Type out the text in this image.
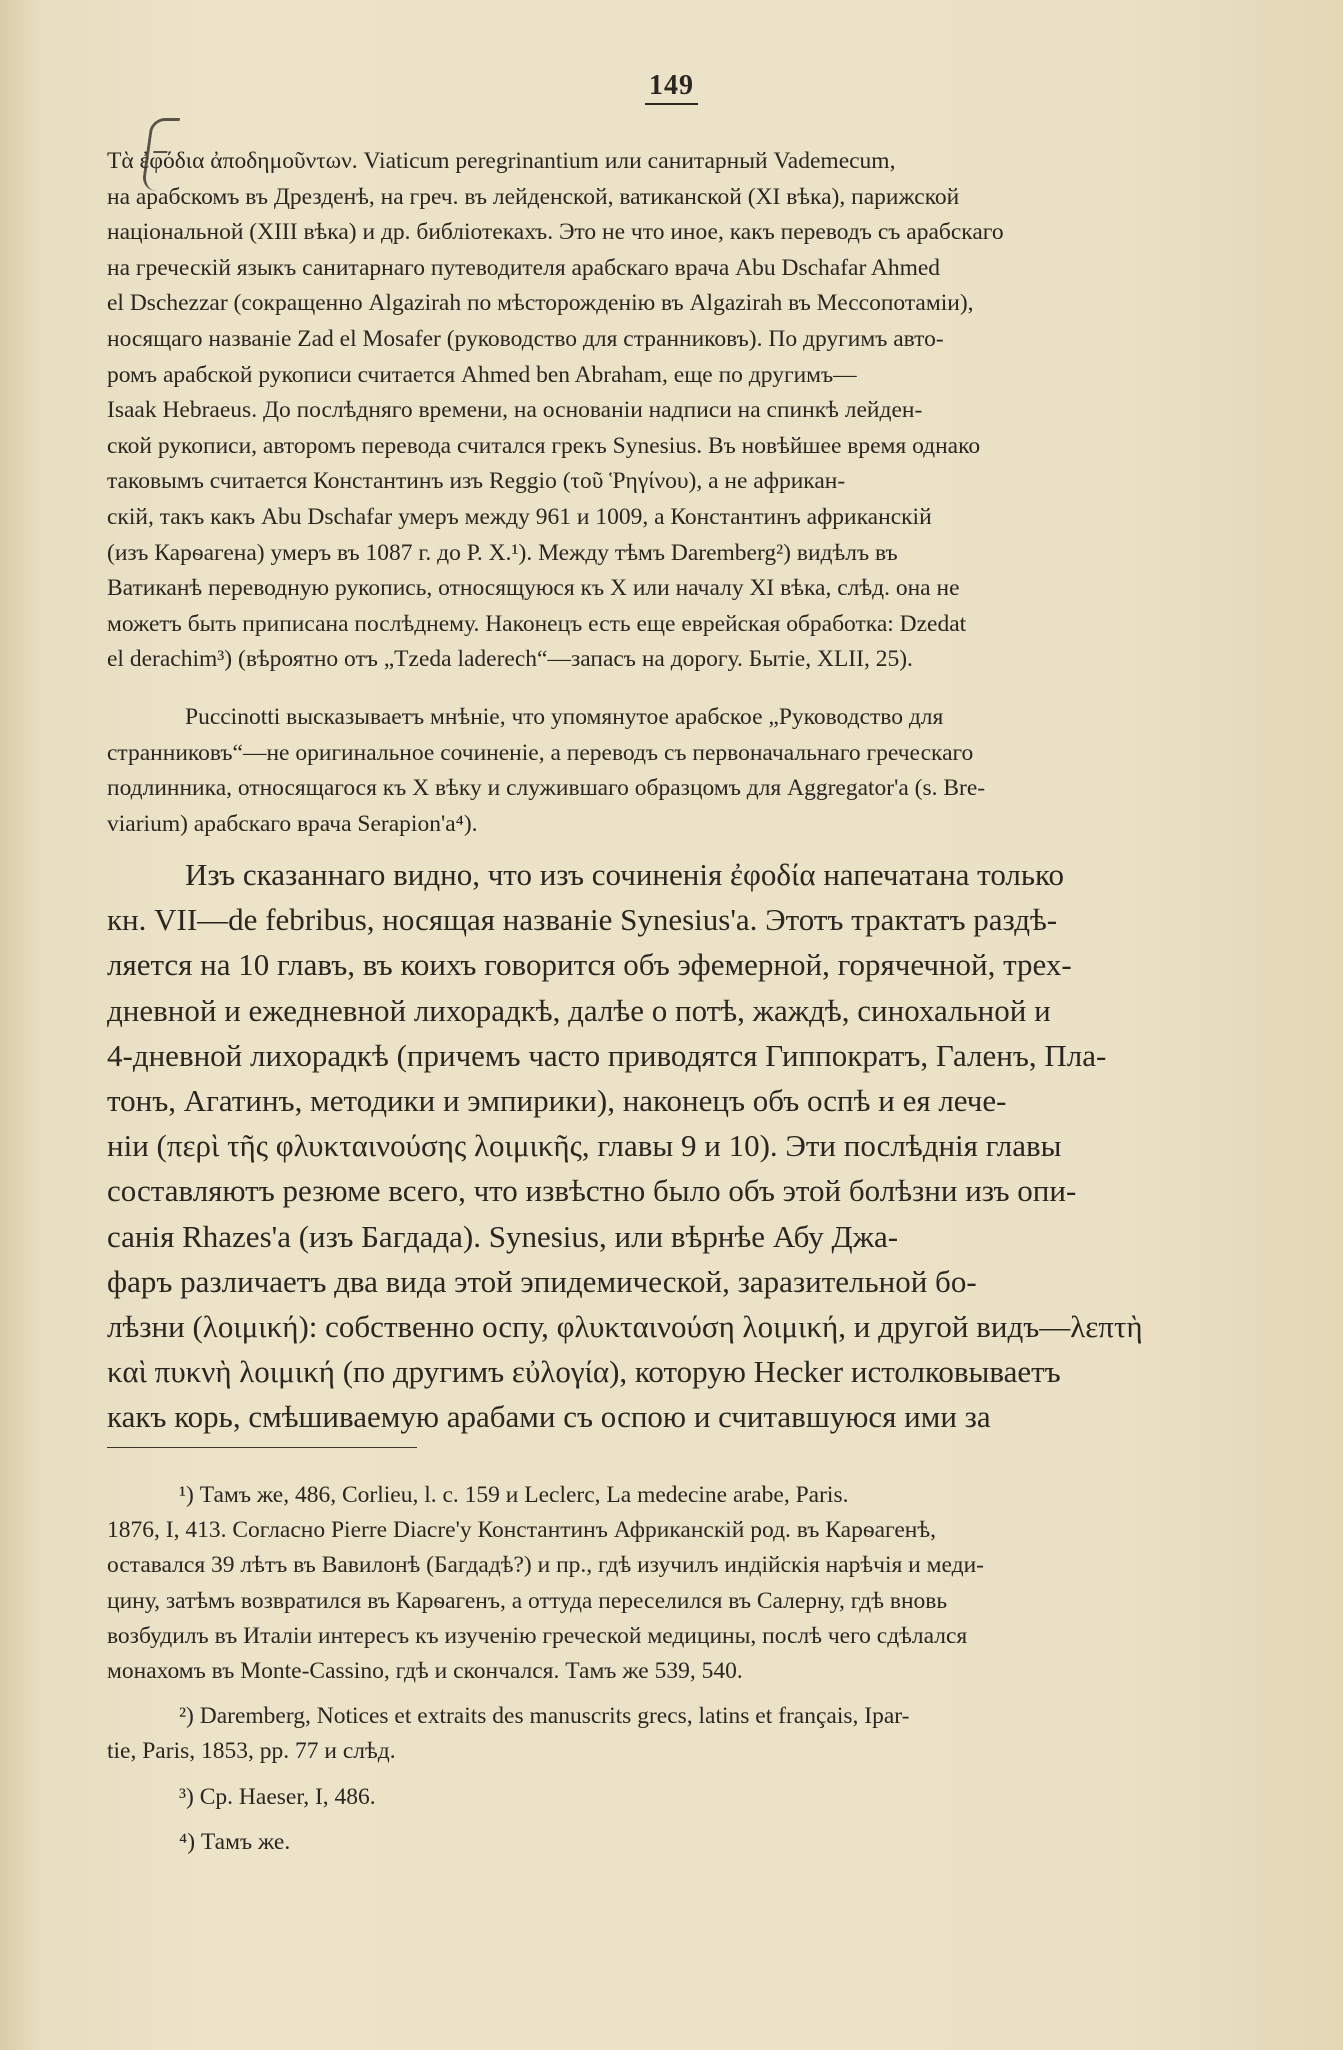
149

Τὰ ἐφόδια ἀποδημοῦντων. Viaticum peregrinantium или санитарный Vademecum,
на арабскомъ въ Дрезденѣ, на греч. въ лейденской, ватиканской (XI вѣка), парижской
національной (XIII вѣка) и др. библіотекахъ. Это не что иное, какъ переводъ съ арабскаго
на греческій языкъ санитарнаго путеводителя арабскаго врача Abu Dschafar Ahmed
el Dschezzar (сокращенно Algazirah по мѣсторожденію въ Algazirah въ Мессопотаміи),
носящаго названіе Zad el Mosafer (руководство для странниковъ). По другимъ авто-
ромъ арабской рукописи считается Ahmed ben Abraham, еще по другимъ—
Isaak Hebraeus. До послѣдняго времени, на основаніи надписи на спинкѣ лейден-
ской рукописи, авторомъ перевода считался грекъ Synesius. Въ новѣйшее время однако
таковымъ считается Константинъ изъ Reggio (τοῦ Ῥηγίνου), а не африкан-
скій, такъ какъ Abu Dschafar умеръ между 961 и 1009, а Константинъ африканскій
(изъ Карѳагена) умеръ въ 1087 г. до Р. Х.¹). Между тѣмъ Daremberg²) видѣлъ въ
Ватиканѣ переводную рукопись, относящуюся къ X или началу XI вѣка, слѣд. она не
можетъ быть приписана послѣднему. Наконецъ есть еще еврейская обработка: Dzedat
el derachim³) (вѣроятно отъ „Tzeda laderech“—запасъ на дорогу. Бытіе, XLII, 25).

Puccinotti высказываетъ мнѣніе, что упомянутое арабское „Руководство для
странниковъ“—не оригинальное сочиненіе, а переводъ съ первоначальнаго греческаго
подлинника, относящагося къ X вѣку и служившаго образцомъ для Aggregator'a (s. Bre-
viarium) арабскаго врача Serapion'a⁴).

Изъ сказаннаго видно, что изъ сочиненія ἐφοδία напечатана только
кн. VII—de febribus, носящая названіе Synesius'a. Этотъ трактатъ раздѣ-
ляется на 10 главъ, въ коихъ говорится объ эфемерной, горячечной, трех-
дневной и ежедневной лихорадкѣ, далѣе о потѣ, жаждѣ, синохальной и
4-дневной лихорадкѣ (причемъ часто приводятся Гиппократъ, Галенъ, Пла-
тонъ, Агатинъ, методики и эмпирики), наконецъ объ оспѣ и ея лече-
ніи (περὶ τῆς φλυκταινούσης λοιμικῆς, главы 9 и 10). Эти послѣднія главы
составляютъ резюме всего, что извѣстно было объ этой болѣзни изъ опи-
санія Rhazes'a (изъ Багдада). Synesius, или вѣрнѣе Абу Джа-
фаръ различаетъ два вида этой эпидемической, заразительной бо-
лѣзни (λοιμική): собственно оспу, φλυκταινούση λοιμική, и другой видъ—λεπτὴ
καὶ πυκνὴ λοιμική (по другимъ εὐλογία), которую Hecker истолковываетъ
какъ корь, смѣшиваемую арабами съ оспою и считавшуюся ими за

¹) Тамъ же, 486, Corlieu, l. c. 159 и Leclerc, La medecine arabe, Paris.
1876, I, 413. Согласно Pierre Diacre'у Константинъ Африканскій род. въ Карѳагенѣ,
оставался 39 лѣтъ въ Вавилонѣ (Багдадѣ?) и пр., гдѣ изучилъ индійскія нарѣчія и меди-
цину, затѣмъ возвратился въ Карѳагенъ, а оттуда переселился въ Салерну, гдѣ вновь
возбудилъ въ Италіи интересъ къ изученію греческой медицины, послѣ чего сдѣлался
монахомъ въ Monte-Cassino, гдѣ и скончался. Тамъ же 539, 540.

²) Daremberg, Notices et extraits des manuscrits grecs, latins et français, Ipar-
tie, Paris, 1853, pp. 77 и слѣд.

³) Ср. Haeser, I, 486.

⁴) Тамъ же.
